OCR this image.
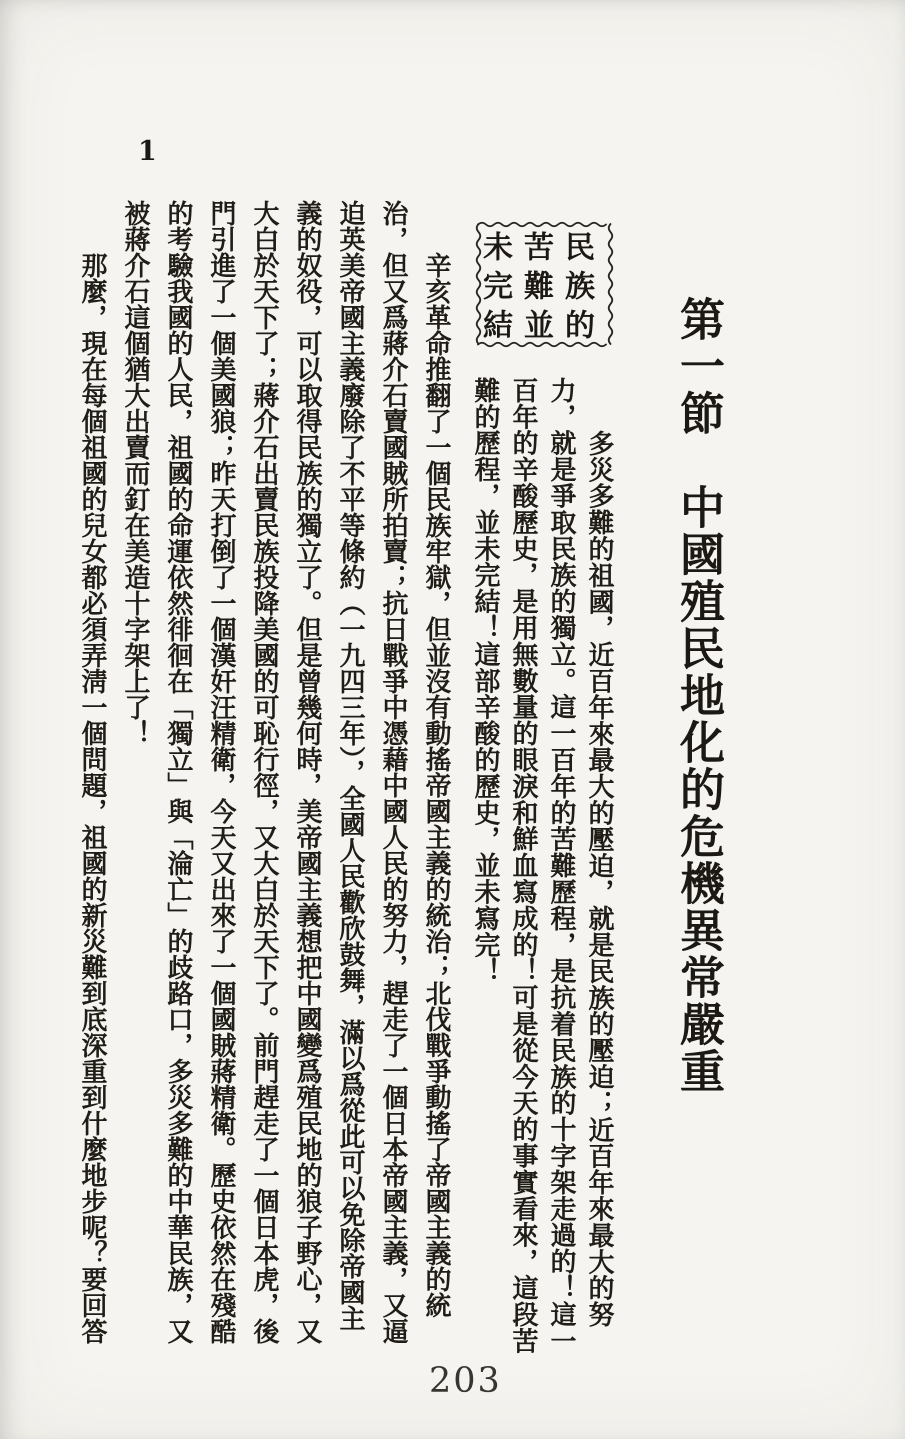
1
第一節　中國殖民地化的危機異常嚴重
民族的
苦難並
未完結
多災多難的祖國，近百年來最大的壓迫，就是民族的壓迫；近百年來最大的努
力，就是爭取民族的獨立。這一百年的苦難歷程，是抗着民族的十字架走過的！這一
百年的辛酸歷史，是用無數量的眼淚和鮮血寫成的！可是從今天的事實看來，這段苦
難的歷程，並未完結！這部辛酸的歷史，並未寫完！
辛亥革命推翻了一個民族牢獄，但並沒有動搖帝國主義的統治；北伐戰爭動搖了帝國主義的統
治，但又爲蔣介石賣國賊所拍賣；抗日戰爭中憑藉中國人民的努力，趕走了一個日本帝國主義，又逼
迫英美帝國主義廢除了不平等條約（一九四三年），全國人民歡欣鼓舞，滿以爲從此可以免除帝國主
義的奴役，可以取得民族的獨立了。但是曾幾何時，美帝國主義想把中國變爲殖民地的狼子野心，又
大白於天下了；蔣介石出賣民族投降美國的可恥行徑，又大白於天下了。前門趕走了一個日本虎，後
門引進了一個美國狼；昨天打倒了一個漢奸汪精衛，今天又出來了一個國賊蔣精衛。歷史依然在殘酷
的考驗我國的人民，祖國的命運依然徘徊在「獨立」與「淪亡」的歧路口，多災多難的中華民族，又
被蔣介石這個猶大出賣而釘在美造十字架上了！
那麼，現在每個祖國的兒女都必須弄淸一個問題，祖國的新災難到底深重到什麼地步呢？要回答
203
